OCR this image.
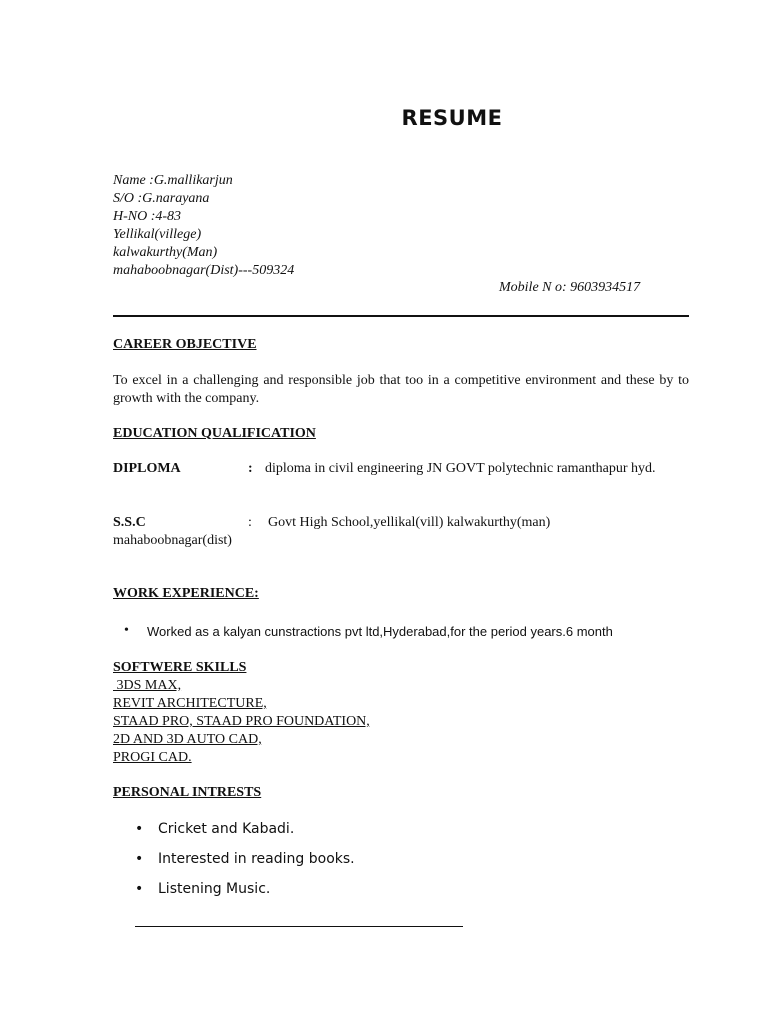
RESUME
Name :G.mallikarjun
S/O :G.narayana
H-NO :4-83
Yellikal(villege)
kalwakurthy(Man)
mahaboobnagar(Dist)---509324
Mobile N o: 9603934517
CAREER OBJECTIVE
To excel in a challenging and responsible job that too in a competitive environment and these by to growth with the company.
EDUCATION QUALIFICATION
DIPLOMA	: diploma in civil engineering JN GOVT polytechnic ramanthapur hyd.
S.S.C	: Govt High School,yellikal(vill) kalwakurthy(man)
mahaboobnagar(dist)
WORK EXPERIENCE:
• Worked as a kalyan cunstractions pvt ltd,Hyderabad,for the period years.6 month
SOFTWERE SKILLS
3DS MAX,
REVIT ARCHITECTURE,
STAAD PRO, STAAD PRO FOUNDATION,
2D AND 3D AUTO CAD,
PROGI CAD.
PERSONAL INTRESTS
• Cricket and Kabadi.
• Interested in reading books.
• Listening Music.
